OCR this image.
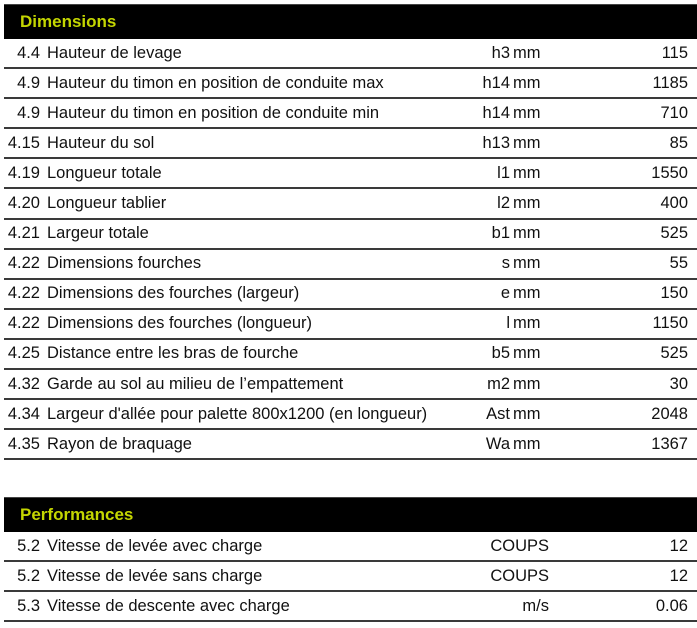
Dimensions
4.4 Hauteur de levage	h3 mm	115
4.9 Hauteur du timon en position de conduite max	h14 mm	1185
4.9 Hauteur du timon en position de conduite min	h14 mm	710
4.15 Hauteur du sol	h13 mm	85
4.19 Longueur totale	l1 mm	1550
4.20 Longueur tablier	l2 mm	400
4.21 Largeur totale	b1 mm	525
4.22 Dimensions fourches	s mm	55
4.22 Dimensions des fourches (largeur)	e mm	150
4.22 Dimensions des fourches (longueur)	l mm	1150
4.25 Distance entre les bras de fourche	b5 mm	525
4.32 Garde au sol au milieu de l’empattement	m2 mm	30
4.34 Largeur d'allée pour palette 800x1200 (en longueur)	Ast mm	2048
4.35 Rayon de braquage	Wa mm	1367
Performances
5.2 Vitesse de levée avec charge	COUPS	12
5.2 Vitesse de levée sans charge	COUPS	12
5.3 Vitesse de descente avec charge	m/s	0.06
